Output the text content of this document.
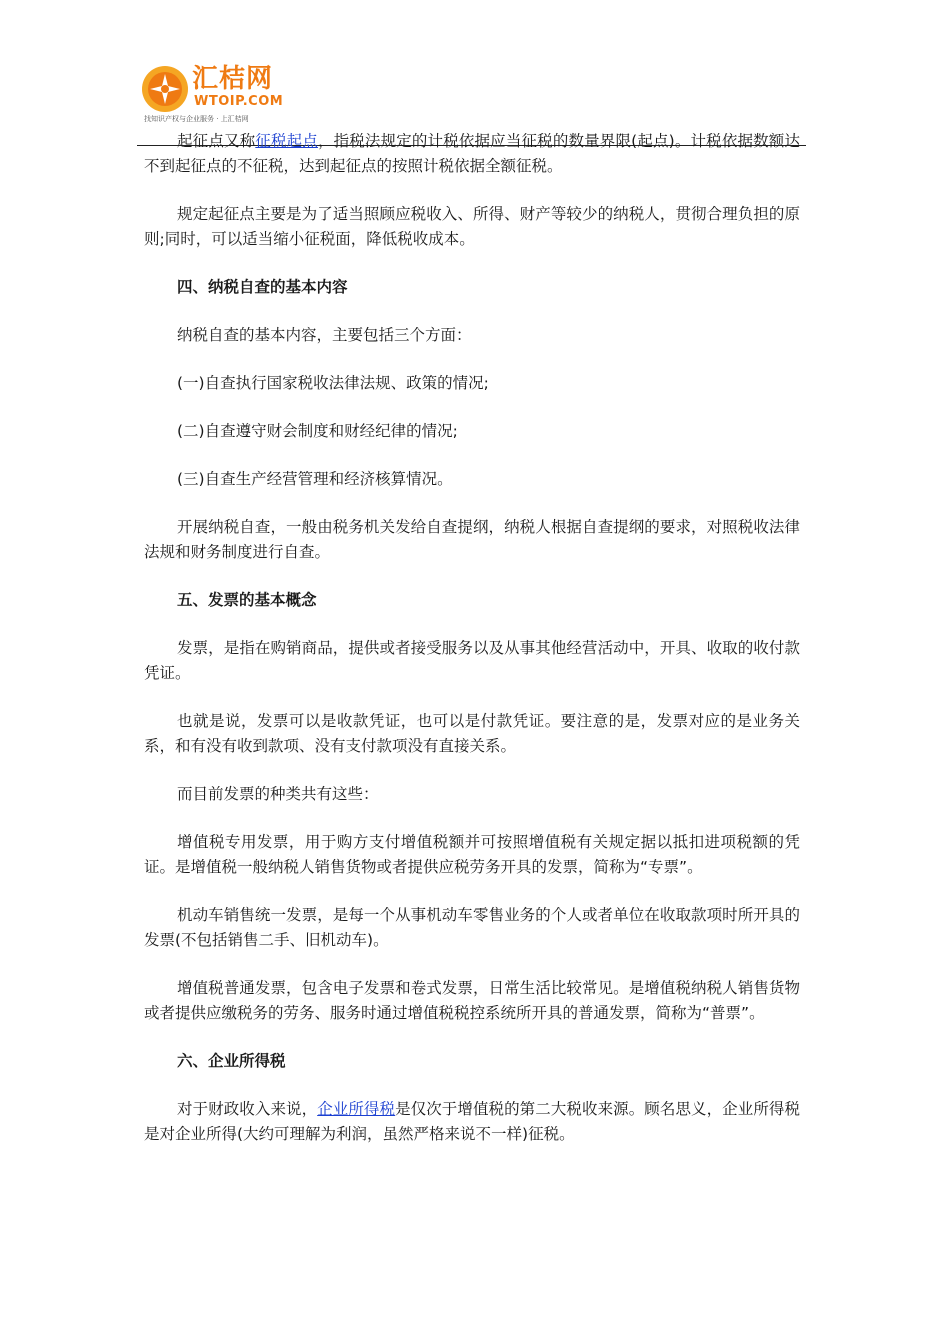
汇桔网
WTOIP.COM
找知识产权与企业服务 · 上汇桔网

起征点又称征税起点，指税法规定的计税依据应当征税的数量界限(起点)。计税依据数额达不到起征点的不征税，达到起征点的按照计税依据全额征税。

规定起征点主要是为了适当照顾应税收入、所得、财产等较少的纳税人，贯彻合理负担的原则;同时，可以适当缩小征税面，降低税收成本。

四、纳税自查的基本内容

纳税自查的基本内容，主要包括三个方面：

(一)自查执行国家税收法律法规、政策的情况;

(二)自查遵守财会制度和财经纪律的情况;

(三)自查生产经营管理和经济核算情况。

开展纳税自查，一般由税务机关发给自查提纲，纳税人根据自查提纲的要求，对照税收法律法规和财务制度进行自查。

五、发票的基本概念

发票，是指在购销商品，提供或者接受服务以及从事其他经营活动中，开具、收取的收付款凭证。

也就是说，发票可以是收款凭证，也可以是付款凭证。要注意的是，发票对应的是业务关系，和有没有收到款项、没有支付款项没有直接关系。

而目前发票的种类共有这些：

增值税专用发票，用于购方支付增值税额并可按照增值税有关规定据以抵扣进项税额的凭证。是增值税一般纳税人销售货物或者提供应税劳务开具的发票，简称为“专票”。

机动车销售统一发票，是每一个从事机动车零售业务的个人或者单位在收取款项时所开具的发票(不包括销售二手、旧机动车)。

增值税普通发票，包含电子发票和卷式发票，日常生活比较常见。是增值税纳税人销售货物或者提供应缴税务的劳务、服务时通过增值税税控系统所开具的普通发票，简称为“普票”。

六、企业所得税

对于财政收入来说，企业所得税是仅次于增值税的第二大税收来源。顾名思义，企业所得税是对企业所得(大约可理解为利润，虽然严格来说不一样)征税。
